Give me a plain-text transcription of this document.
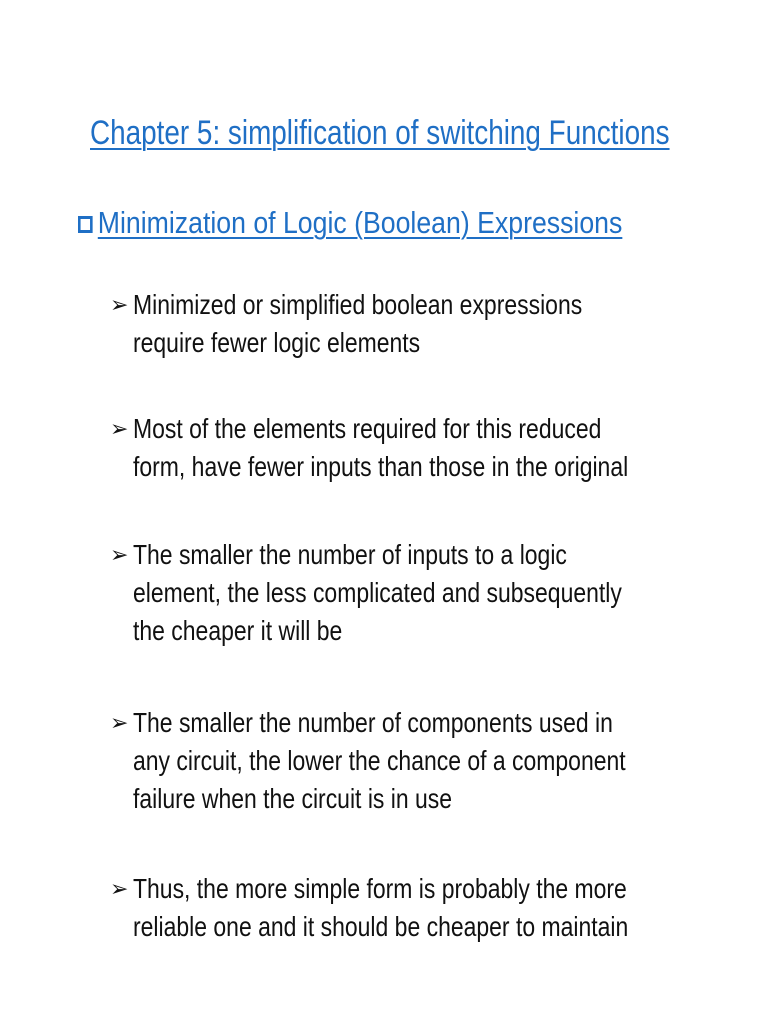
Chapter 5: simplification of switching Functions
Minimization of Logic (Boolean) Expressions
➢ Minimized or simplified boolean expressions require fewer logic elements
➢ Most of the elements required for this reduced form, have fewer inputs than those in the original
➢ The smaller the number of inputs to a logic element, the less complicated and subsequently the cheaper it will be
➢ The smaller the number of components used in any circuit, the lower the chance of a component failure when the circuit is in use
➢ Thus, the more simple form is probably the more reliable one and it should be cheaper to maintain
